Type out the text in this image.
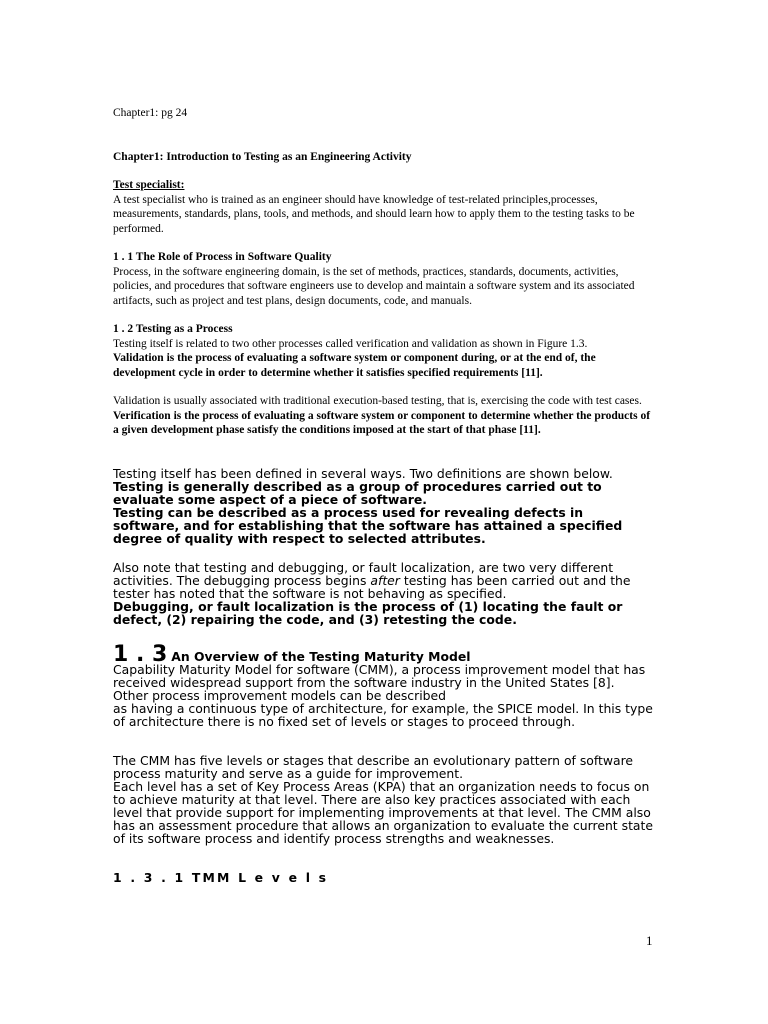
Chapter1: pg 24

Chapter1: Introduction to Testing as an Engineering Activity

Test specialist:
A test specialist who is trained as an engineer should have knowledge of test-related principles,processes, measurements, standards, plans, tools, and methods, and should learn how to apply them to the testing tasks to be performed.
1 . 1 The Role of Process in Software Quality
Process, in the software engineering domain, is the set of methods, practices, standards, documents, activities, policies, and procedures that software engineers use to develop and maintain a software system and its associated artifacts, such as project and test plans, design documents, code, and manuals.
1 . 2 Testing as a Process
Testing itself is related to two other processes called verification and validation as shown in Figure 1.3.
Validation is the process of evaluating a software system or component during, or at the end of, the development cycle in order to determine whether it satisfies specified requirements [11].
Validation is usually associated with traditional execution-based testing, that is, exercising the code with test cases.
Verification is the process of evaluating a software system or component to determine whether the products of a given development phase satisfy the conditions imposed at the start of that phase [11].
Testing itself has been defined in several ways. Two definitions are shown below.
Testing is generally described as a group of procedures carried out to evaluate some aspect of a piece of software.
Testing can be described as a process used for revealing defects in software, and for establishing that the software has attained a specified degree of quality with respect to selected attributes.
Also note that testing and debugging, or fault localization, are two very different activities. The debugging process begins after testing has been carried out and the tester has noted that the software is not behaving as specified.
Debugging, or fault localization is the process of (1) locating the fault or defect, (2) repairing the code, and (3) retesting the code.
1 . 3 An Overview of the Testing Maturity Model
Capability Maturity Model for software (CMM), a process improvement model that has received widespread support from the software industry in the United States [8].
Other process improvement models can be described
as having a continuous type of architecture, for example, the SPICE model. In this type of architecture there is no fixed set of levels or stages to proceed through.
The CMM has five levels or stages that describe an evolutionary pattern of software process maturity and serve as a guide for improvement.
Each level has a set of Key Process Areas (KPA) that an organization needs to focus on to achieve maturity at that level. There are also key practices associated with each level that provide support for implementing improvements at that level. The CMM also has an assessment procedure that allows an organization to evaluate the current state of its software process and identify process strengths and weaknesses.

1 . 3 . 1 TMM L e v e l s

1
